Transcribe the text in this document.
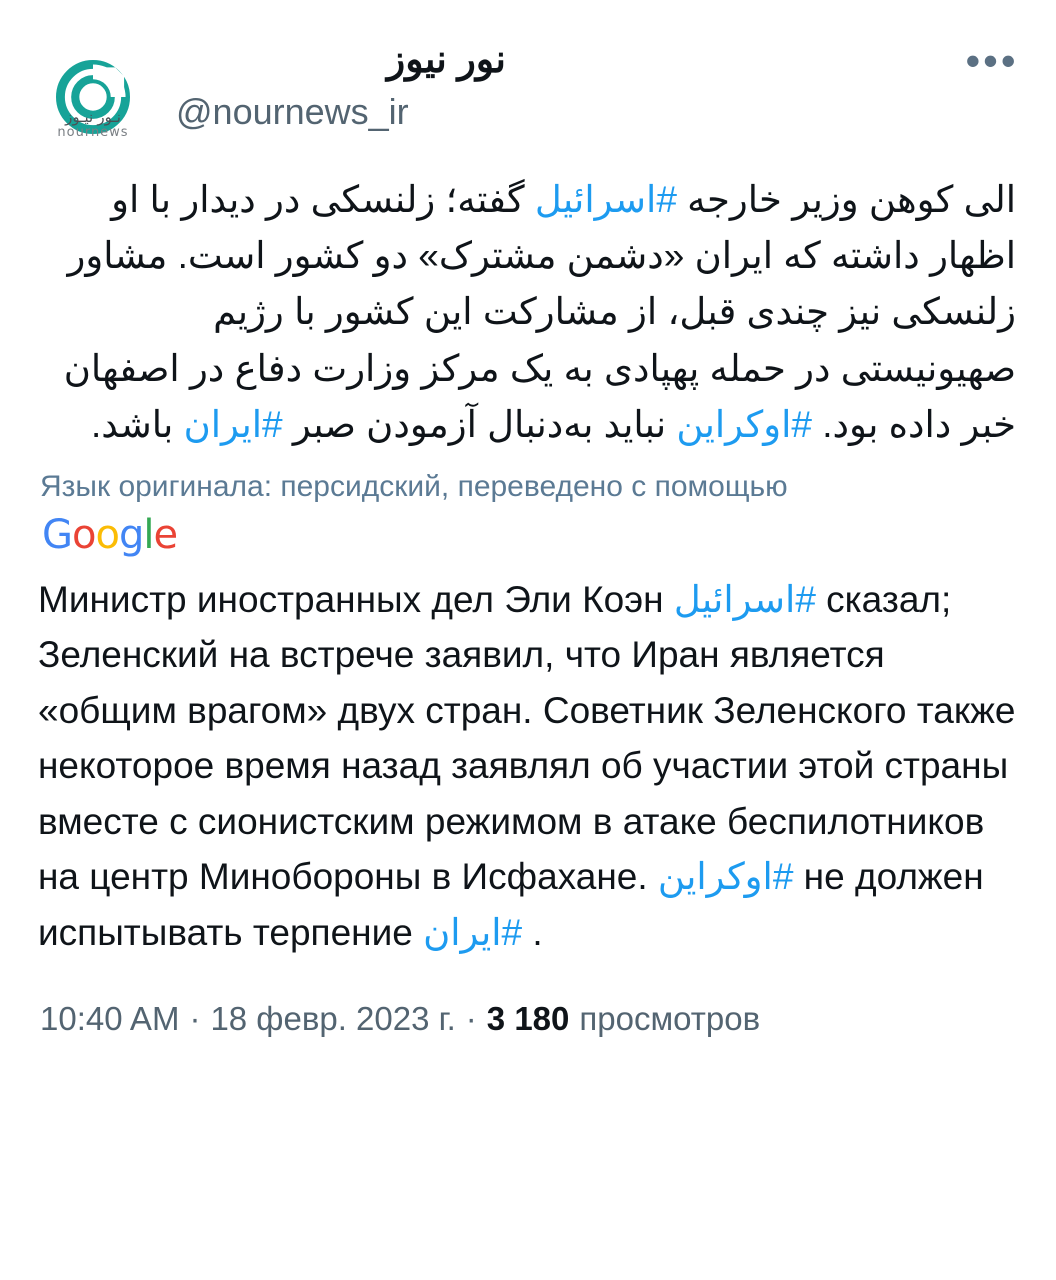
نـور نیـوز
nournews
نور نيوز
@nournews_ir
•••
الی کوهن وزیر خارجه #اسرائیل گفته؛ زلنسکی در دیدار با او اظهار داشته که ایران «دشمن مشترک» دو کشور است. مشاور زلنسکی نیز چندی قبل، از مشارکت این کشور با رژیم صهیونیستی در حمله پهپادی به یک مرکز وزارت دفاع در اصفهان خبر داده بود. #اوکراین نباید به‌دنبال آزمودن صبر #ایران باشد.
Язык оригинала: персидский, переведено с помощью
Google
Министр иностранных дел Эли Коэн #اسرائیل сказал; Зеленский на встрече заявил, что Иран является «общим врагом» двух стран. Советник Зеленского также некоторое время назад заявлял об участии этой страны вместе с сионистским режимом в атаке беспилотников на центр Минобороны в Исфахане. #اوکراین не должен испытывать терпение #ایران .
10:40 AM · 18 февр. 2023 г. · 3 180 просмотров
